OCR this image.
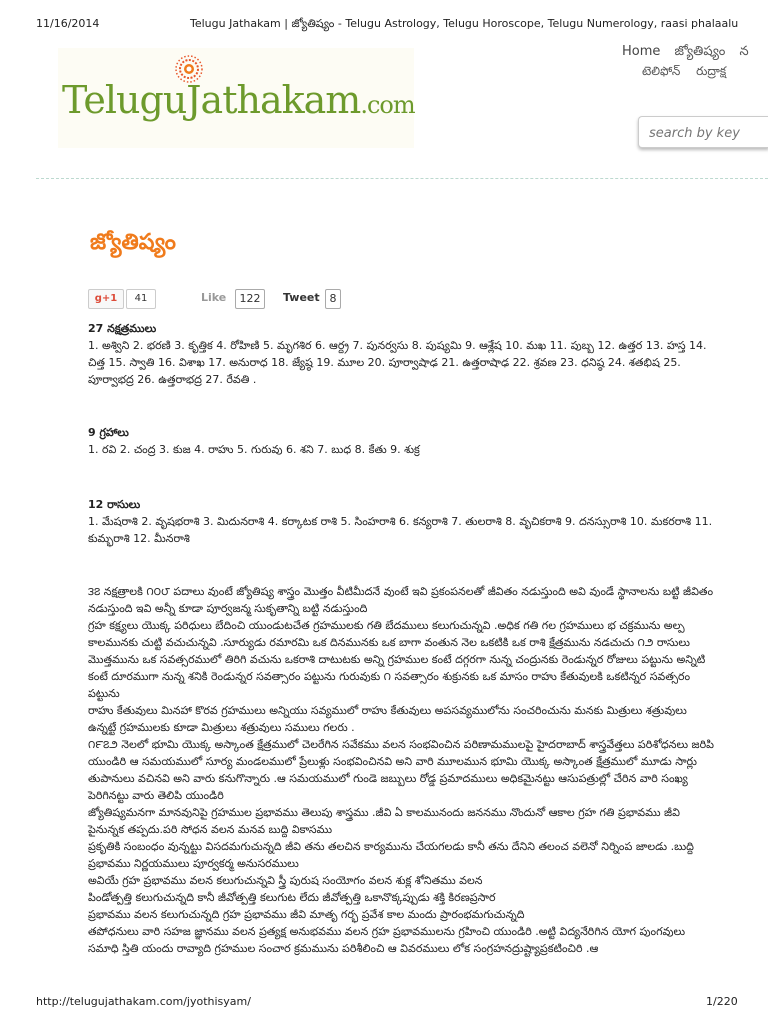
11/16/2014	Telugu Jathakam | జ్యోతిష్యం - Telugu Astrology, Telugu Horoscope, Telugu Numerology, raasi phalaalu
TeluguJathakam.com
Home జ్యోతిష్యం న
టెలిఫోన్ రుద్రాక్ష
search by key
జ్యోతిష్యం
g+1	41	Like	122	Tweet 8
27 నక్షత్రములు

1. అశ్విని 2. భరణి 3. కృత్తిక 4. రోహిణి 5. మృగశిర 6. ఆర్ద్ర 7. పునర్వసు 8. పుష్యమి 9. ఆశ్లేష 10. మఖ 11. పుబ్బ 12. ఉత్తర 13. హస్త 14. చిత్త 15. స్వాతి 16. విశాఖ 17. అనురాధ 18. జ్యేష్ఠ 19. మూల 20. పూర్వాషాఢ 21. ఉత్తరాషాఢ 22. శ్రవణ 23. ధనిష్ఠ 24. శతభిష 25. పూర్వాభద్ర 26. ఉత్తరాభద్ర 27. రేవతి .

9 గ్రహాలు

1. రవి 2. చంద్ర 3. కుజ 4. రాహు 5. గురువు 6. శని 7. బుధ 8. కేతు 9. శుక్ర

12 రాసులు

1. మేషరాశి 2. వృషభరాశి 3. మిదునరాశి 4. కర్కాటక రాశి 5. సింహరాశి 6. కన్యరాశి 7. తులరాశి 8. వృచికరాశి 9. దనస్సురాశి 10. మకరరాశి 11. కుమ్భరాశి 12. మీనరాశి

౩౭ నక్షత్రాలకి ౧౦౮ పదాలు వుంటే జ్యోతిష్య శాస్త్రం మొత్తం వీటిమీదనే వుంటే ఇవి ప్రకంపనలతో జీవితం నడుస్తుంది అవి వుండే స్థానాలను బట్టి జీవితం నడుస్తుంది ఇవి అన్నీ కూడా పూర్వజన్మ సుకృతాన్ని బట్టి నడుస్తుంది

గ్రహ కక్ష్యలు యొక్క పరిధులు బేదించి యుండుటచేత గ్రహములకు గతి బేదములు కలుగుచున్నవి .అధిక గతి గల గ్రహములు భ చక్రమును అల్ప కాలమునకు చుట్టి వచుచున్నవి .సూర్యుడు రమారమి ఒక దినమునకు ఒక బాగా వంతున నెల ఒకటికి ఒక రాశి క్షేత్రమును నడచుచు ౧౨ రాసులు మొత్తమును ఒక సవత్సరములో తిరిగి వచును ఒకరాశి దాటుటకు అన్ని గ్రహముల కంటే దగ్గరగా నున్న చంద్రునకు రెండున్నర రోజులు పట్టును అన్నిటి కంటే దూరముగా నున్న శనికి రెండున్నర సవత్సారం పట్టును గురువుకు ౧ సవత్సారం శుక్రునకు ఒక మాసం రాహు కేతువులకి ఒకటిన్నర సవత్సరం పట్టును

రాహు కేతువులు మినహా కొరవ గ్రహములు అన్నియు సవ్యములో రాహు కేతువులు అపసవ్యములోను సంచరించును మనకు మిత్రులు శత్రువులు ఉన్నట్టే గ్రహములకు కూడా మిత్రులు శత్రువులు సములు గలరు .

౧౯౭౨ నెలలో భూమి యొక్క అస్కాంత క్షేత్రములో చెలరేగిన సవేకము వలన సంభవించిన పరిణామములపై హైదరాబాద్ శాస్త్రవేత్తలు పరిశోధనలు జరిపి యుండిరి ఆ సమయములో సూర్య మండలములో ప్రేలుళ్లు సంభవించినవి అని వారి మూలమున భూమి యొక్క అస్కాంత క్షేత్రములో మూడు సార్లు తుపానులు వచినవి అని వారు కనుగొన్నారు .ఆ సమయములో గుండె జబ్బులు రోడ్డ ప్రమాదములు అధికమైనట్టు ఆసుపత్రుల్లో చేరిన వారి సంఖ్య పెరిగినట్టు వారు తెలిపి యుండిరి

జ్యోతిష్యమనగా మానవునిపై గ్రహముల ప్రభావము తెలుపు శాస్త్రము .జీవి ఏ కాలమునందు జననము నొందునో ఆకాల గ్రహ గతి ప్రభావము జీవి పైనున్నక తప్పదు.పరి సోధన వలన మనవ బుద్ది వికాసము

ప్రకృతికి సంబంధం వున్నట్టు విసదమగుచున్నది జీవి తను తలచిన కార్యమును చేయగలడు కానీ తను దేనిని తలంచ వలెనో నిర్నింప జాలడు .బుద్ది ప్రభావము నిర్ణయములు పూర్వకర్మ అనుసరములు

అవియే గ్రహ ప్రభావము వలన కలుగుచున్నవి స్త్రీ పురుష సంయోగం వలన శుక్ల శోనితము వలన

పిండోత్పత్తి కలుగుచున్నది కానీ జీవోత్పత్తి కలుగుట లేదు జీవోత్పత్తి ఒకానొక్కప్పుడు శక్తి కిరణప్రసార

ప్రభావము వలన కలుగుచున్నది గ్రహ ప్రభావము జీవి మాతృ గర్భ ప్రవేశ కాల మందు ప్రారంభమగుచున్నది

తపోధనులు వారి సహజ జ్ఞానము వలన ప్రత్యక్ష అనుభవము వలన గ్రహ ప్రభావములను గ్రహించి యుండిరి .అట్టి విద్యనేరిగిన యోగ పుంగవులు సమాధి స్తితి యందు రావ్యాది గ్రహముల సంచార క్రమమును పరిశీలించి ఆ వివరములు లోక సంగ్రహనద్రుష్ట్యాప్రకటించిరి .ఆ

http://telugujathakam.com/jyothisyam/	1/220
